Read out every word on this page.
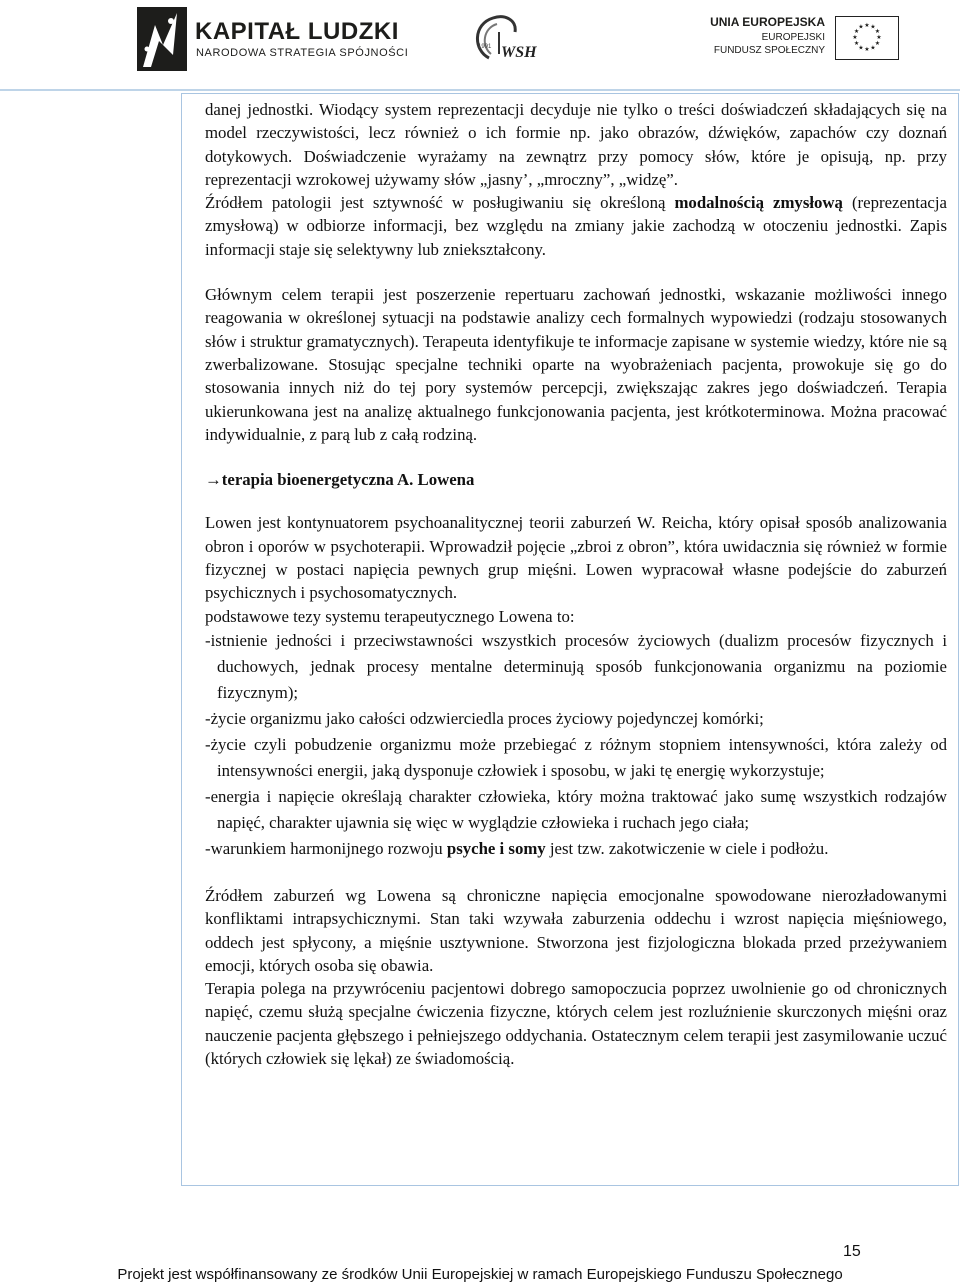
KAPITAŁ LUDZKI
NARODOWA STRATEGIA SPÓJNOŚCI	1991 WSH
UNIA EUROPEJSKA
EUROPEJSKI
FUNDUSZ SPOŁECZNY
★ ★
★
★
★
★
★
★
★
★
★
★

danej jednostki. Wiodący system reprezentacji decyduje nie tylko o treści doświadczeń składających się na model rzeczywistości, lecz również o ich formie np. jako obrazów, dźwięków, zapachów czy doznań dotykowych. Doświadczenie wyrażamy na zewnątrz przy pomocy słów, które je opisują, np. przy reprezentacji wzrokowej używamy słów „jasny’, „mroczny”, „widzę”.

Źródłem patologii jest sztywność w posługiwaniu się określoną modalnością zmysłową (reprezentacja zmysłową) w odbiorze informacji, bez względu na zmiany jakie zachodzą w otoczeniu jednostki. Zapis informacji staje się selektywny lub zniekształcony.

Głównym celem terapii jest poszerzenie repertuaru zachowań jednostki, wskazanie możliwości innego reagowania w określonej sytuacji na podstawie analizy cech formalnych wypowiedzi (rodzaju stosowanych słów i struktur gramatycznych). Terapeuta identyfikuje te informacje zapisane w systemie wiedzy, które nie są zwerbalizowane. Stosując specjalne techniki oparte na wyobrażeniach pacjenta, prowokuje się go do stosowania innych niż do tej pory systemów percepcji, zwiększając zakres jego doświadczeń. Terapia ukierunkowana jest na analizę aktualnego funkcjonowania pacjenta, jest krótkoterminowa. Można pracować indywidualnie, z parą lub z całą rodziną.

→terapia bioenergetyczna A. Lowena

Lowen jest kontynuatorem psychoanalitycznej teorii zaburzeń W. Reicha, który opisał sposób analizowania obron i oporów w psychoterapii. Wprowadził pojęcie „zbroi z obron”, która uwidacznia się również w formie fizycznej w postaci napięcia pewnych grup mięśni. Lowen wypracował własne podejście do zaburzeń psychicznych i psychosomatycznych.

podstawowe tezy systemu terapeutycznego Lowena to:

-istnienie jedności i przeciwstawności wszystkich procesów życiowych (dualizm procesów fizycznych i duchowych, jednak procesy mentalne determinują sposób funkcjonowania organizmu na poziomie fizycznym);

-życie organizmu jako całości odzwierciedla proces życiowy pojedynczej komórki;

-życie czyli pobudzenie organizmu może przebiegać z różnym stopniem intensywności, która zależy od intensywności energii, jaką dysponuje człowiek i sposobu, w jaki tę energię wykorzystuje;

-energia i napięcie określają charakter człowieka, który można traktować jako sumę wszystkich rodzajów napięć, charakter ujawnia się więc w wyglądzie człowieka i ruchach jego ciała;

-warunkiem harmonijnego rozwoju psyche i somy jest tzw. zakotwiczenie w ciele i podłożu.

Źródłem zaburzeń wg Lowena są chroniczne napięcia emocjonalne spowodowane nierozładowanymi konfliktami intrapsychicznymi. Stan taki wzywała zaburzenia oddechu i wzrost napięcia mięśniowego, oddech jest spłycony, a mięśnie usztywnione. Stworzona jest fizjologiczna blokada przed przeżywaniem emocji, których osoba się obawia.

Terapia polega na przywróceniu pacjentowi dobrego samopoczucia poprzez uwolnienie go od chronicznych napięć, czemu służą specjalne ćwiczenia fizyczne, których celem jest rozluźnienie skurczonych mięśni oraz nauczenie pacjenta głębszego i pełniejszego oddychania. Ostatecznym celem terapii jest zasymilowanie uczuć (których człowiek się lękał) ze świadomością.

15
Projekt jest współfinansowany ze środków Unii Europejskiej w ramach Europejskiego Funduszu Społecznego
